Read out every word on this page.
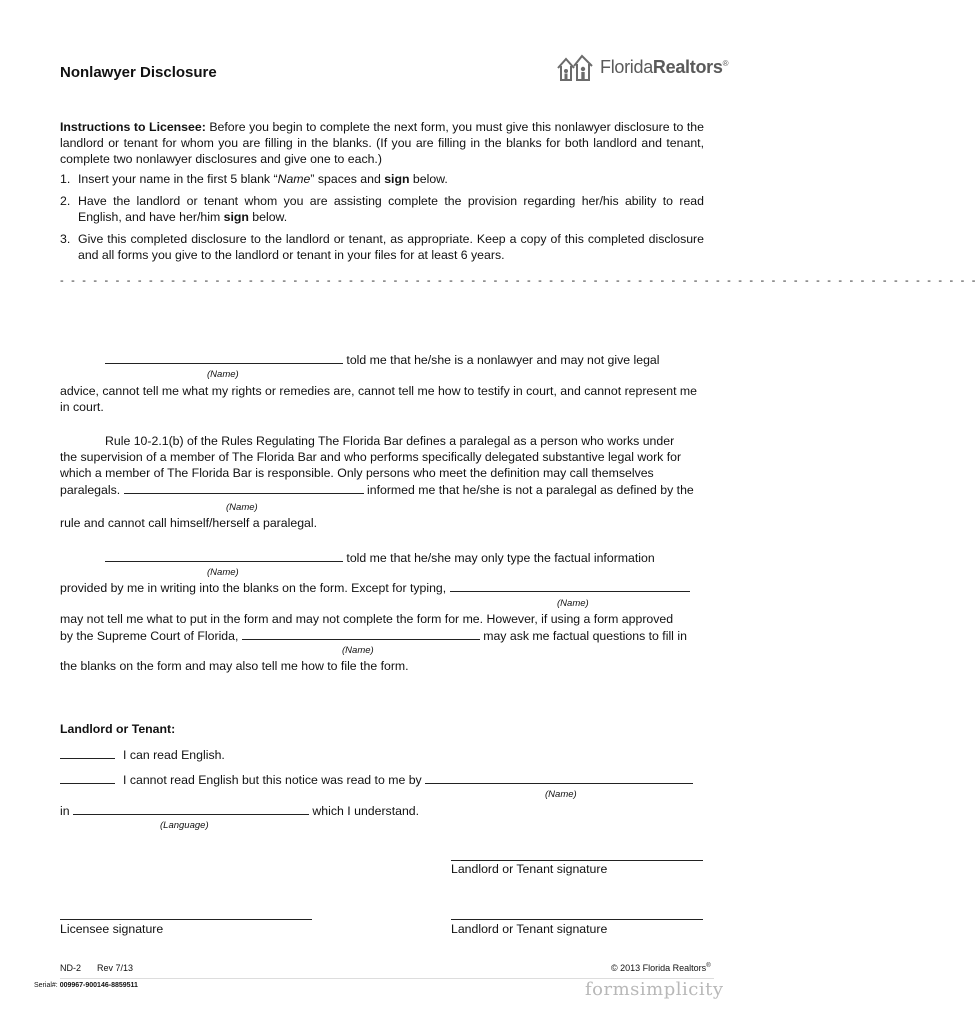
Nonlawyer Disclosure	FloridaRealtors®
Instructions to Licensee: Before you begin to complete the next form, you must give this nonlawyer disclosure to the landlord or tenant for whom you are filling in the blanks. (If you are filling in the blanks for both landlord and tenant, complete two nonlawyer disclosures and give one to each.)
1. Insert your name in the first 5 blank “Name” spaces and sign below.
2. Have the landlord or tenant whom you are assisting complete the provision regarding her/his ability to read English, and have her/him sign below.
3. Give this completed disclosure to the landlord or tenant, as appropriate. Keep a copy of this completed disclosure and all forms you give to the landlord or tenant in your files for at least 6 years.
- - - - - - - - - - - - - - - - - - - - - - - - - - - - - - - - - - - - - - - - - - - - - - - - - - - - - - - - - - - - - - - - - - - - - - - - - - - - - - - - - - -
told me that he/she is a nonlawyer and may not give legal
(Name)
advice, cannot tell me what my rights or remedies are, cannot tell me how to testify in court, and cannot represent me in court.
Rule 10-2.1(b) of the Rules Regulating The Florida Bar defines a paralegal as a person who works under
the supervision of a member of The Florida Bar and who performs specifically delegated substantive legal work for
which a member of The Florida Bar is responsible. Only persons who meet the definition may call themselves
paralegals.	informed me that he/she is not a paralegal as defined by the
(Name)
rule and cannot call himself/herself a paralegal.
told me that he/she may only type the factual information
(Name)
provided by me in writing into the blanks on the form. Except for typing,
(Name)
may not tell me what to put in the form and may not complete the form for me. However, if using a form approved
by the Supreme Court of Florida,	may ask me factual questions to fill in
(Name)
the blanks on the form and may also tell me how to file the form.
Landlord or Tenant:
I can read English.
I cannot read English but this notice was read to me by
(Name)
in	which I understand.
(Language)
Landlord or Tenant signature
Licensee signature	Landlord or Tenant signature
ND-2 Rev 7/13	© 2013 Florida Realtors®
Serial#: 009967-900146-8859511	formsimplicity
